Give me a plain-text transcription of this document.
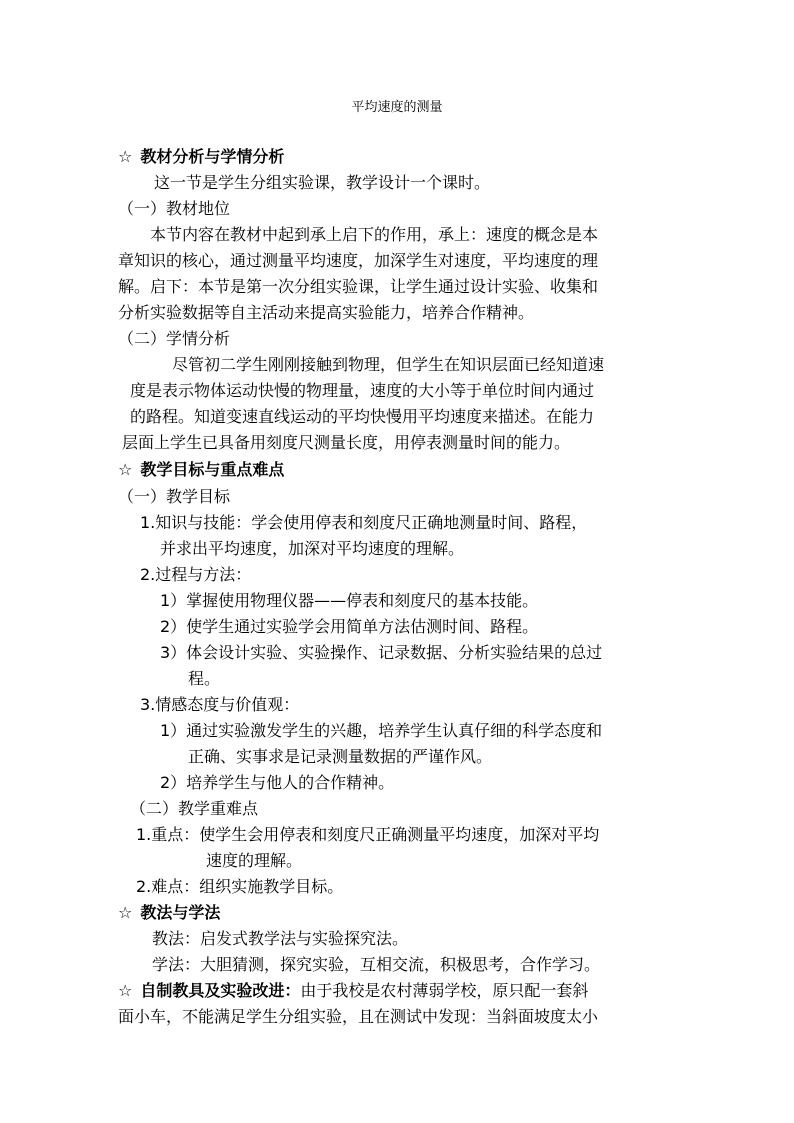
平均速度的测量
☆ 教材分析与学情分析
这一节是学生分组实验课，教学设计一个课时。
（一）教材地位
本节内容在教材中起到承上启下的作用，承上：速度的概念是本
章知识的核心，通过测量平均速度，加深学生对速度，平均速度的理
解。启下：本节是第一次分组实验课，让学生通过设计实验、收集和
分析实验数据等自主活动来提高实验能力，培养合作精神。
（二）学情分析
尽管初二学生刚刚接触到物理，但学生在知识层面已经知道速
度是表示物体运动快慢的物理量，速度的大小等于单位时间内通过
的路程。知道变速直线运动的平均快慢用平均速度来描述。在能力
层面上学生已具备用刻度尺测量长度，用停表测量时间的能力。
☆ 教学目标与重点难点
（一）教学目标
1.知识与技能：学会使用停表和刻度尺正确地测量时间、路程，
并求出平均速度，加深对平均速度的理解。
2.过程与方法：
1）掌握使用物理仪器——停表和刻度尺的基本技能。
2）使学生通过实验学会用简单方法估测时间、路程。
3）体会设计实验、实验操作、记录数据、分析实验结果的总过
程。
3.情感态度与价值观：
1）通过实验激发学生的兴趣，培养学生认真仔细的科学态度和
正确、实事求是记录测量数据的严谨作风。
2）培养学生与他人的合作精神。
（二）教学重难点
1.重点：使学生会用停表和刻度尺正确测量平均速度，加深对平均
速度的理解。
2.难点：组织实施教学目标。
☆ 教法与学法
教法：启发式教学法与实验探究法。
学法：大胆猜测，探究实验，互相交流，积极思考，合作学习。
☆ 自制教具及实验改进：由于我校是农村薄弱学校，原只配一套斜
面小车，不能满足学生分组实验，且在测试中发现：当斜面坡度太小
